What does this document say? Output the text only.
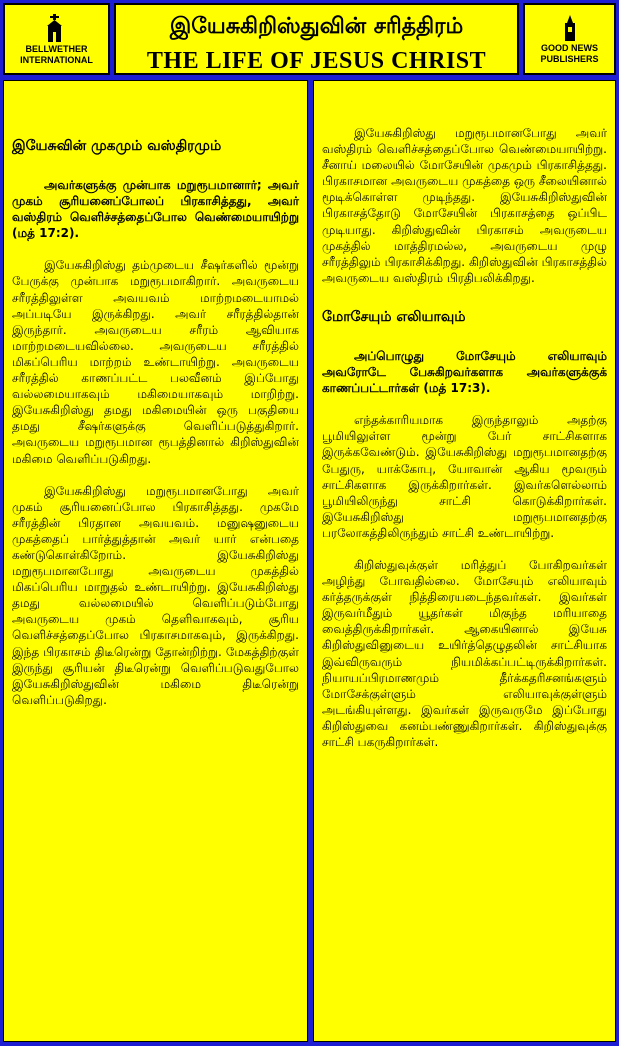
BELLWETHER
INTERNATIONAL
இயேசுகிறிஸ்துவின் சரித்திரம்
THE LIFE OF JESUS CHRIST	GOOD NEWS
PUBLISHERS
இயேசுவின் முகமும் வஸ்திரமும்

அவர்களுக்கு முன்பாக மறுரூபமானார்; அவர் முகம் சூரியனைப்போலப் பிரகாசித்தது, அவர் வஸ்திரம் வெளிச்சத்தைப்போல வெண்மையாயிற்று (மத் 17:2).

இயேசுகிறிஸ்து தம்முடைய சீஷர்களில் மூன்று பேருக்கு முன்பாக மறுரூபமாகிறார். அவருடைய சரீரத்திலுள்ள அவயவம் மாற்றமடையாமல் அப்படியே இருக்கிறது. அவர் சரீரத்தில்தான் இருந்தார். அவருடைய சரீரம் ஆவியாக மாற்றமடையவில்லை. அவருடைய சரீரத்தில் மிகப்பெரிய மாற்றம் உண்டாயிற்று. அவருடைய சரீரத்தில் காணப்பட்ட பலவீனம் இப்போது வல்லமையாகவும் மகிமையாகவும் மாறிற்று. இயேசுகிறிஸ்து தமது மகிமையின் ஒரு பகுதியை தமது சீஷர்களுக்கு வெளிப்படுத்துகிறார். அவருடைய மறுரூபமான ரூபத்தினால் கிறிஸ்துவின் மகிமை வெளிப்படுகிறது.

இயேசுகிறிஸ்து மறுரூபமானபோது அவர் முகம் சூரியனைப்போல பிரகாசித்தது. முகமே சரீரத்தின் பிரதான அவயவம். மனுஷனுடைய முகத்தைப் பார்த்துத்தான் அவர் யார் என்பதை கண்டுகொள்கிறோம். இயேசுகிறிஸ்து மறுரூபமானபோது அவருடைய முகத்தில் மிகப்பெரிய மாறுதல் உண்டாயிற்று. இயேசுகிறிஸ்து தமது வல்லமையில் வெளிப்படும்போது அவருடைய முகம் தெளிவாகவும், சூரிய வெளிச்சத்தைப்போல பிரகாசமாகவும், இருக்கிறது. இந்த பிரகாசம் திடீரென்று தோன்றிற்று. மேகத்திற்குள் இருந்து சூரியன் திடீரென்று வெளிப்படுவதுபோல இயேசுகிறிஸ்துவின் மகிமை திடீரென்று வெளிப்படுகிறது.

இயேசுகிறிஸ்து மறுரூபமானபோது அவர் வஸ்திரம் வெளிச்சத்தைப்போல வெண்மையாயிற்று. சீனாய் மலையில் மோசேயின் முகமும் பிரகாசித்தது. பிரகாசமான அவருடைய முகத்தை ஒரு சீலையினால் மூடிக்கொள்ள முடிந்தது. இயேசுகிறிஸ்துவின் பிரகாசத்தோடு மோசேயின் பிரகாசத்தை ஒப்பிட முடியாது. கிறிஸ்துவின் பிரகாசம் அவருடைய முகத்தில் மாத்திரமல்ல, அவருடைய முழு சரீரத்திலும் பிரகாசிக்கிறது. கிறிஸ்துவின் பிரகாசத்தில் அவருடைய வஸ்திரம் பிரதிபலிக்கிறது.

மோசேயும் எலியாவும்

அப்பொழுது மோசேயும் எலியாவும் அவரோடே பேசுகிறவர்களாக அவர்களுக்குக் காணப்பட்டார்கள் (மத் 17:3).

எந்தக்காரியமாக இருந்தாலும் அதற்கு பூமியிலுள்ள மூன்று பேர் சாட்சிகளாக இருக்கவேண்டும். இயேசுகிறிஸ்து மறுரூபமானதற்கு பேதுரு, யாக்கோபு, யோவான் ஆகிய மூவரும் சாட்சிகளாக இருக்கிறார்கள். இவர்களெல்லாம் பூமியிலிருந்து சாட்சி கொடுக்கிறார்கள். இயேசுகிறிஸ்து மறுரூபமானதற்கு பரலோகத்திலிருந்தும் சாட்சி உண்டாயிற்று.

கிறிஸ்துவுக்குள் மரித்துப் போகிறவர்கள் அழிந்து போவதில்லை. மோசேயும் எலியாவும் கர்த்தருக்குள் நித்திரையடைந்தவர்கள். இவர்கள் இருவர்மீதும் யூதர்கள் மிகுந்த மரியாதை வைத்திருக்கிறார்கள். ஆகையினால் இயேசு கிறிஸ்துவினுடைய உயிர்த்தெழுதலின் சாட்சியாக இவ்விருவரும் நியமிக்கப்பட்டிருக்கிறார்கள். நியாயப்பிரமாணமும் தீர்க்கதரிசனங்களும் மோசேக்குள்ளும் எலியாவுக்குள்ளும் அடங்கியுள்ளது. இவர்கள் இருவருமே இப்போது கிறிஸ்துவை கனம்பண்ணுகிறார்கள். கிறிஸ்துவுக்கு சாட்சி பகருகிறார்கள்.
